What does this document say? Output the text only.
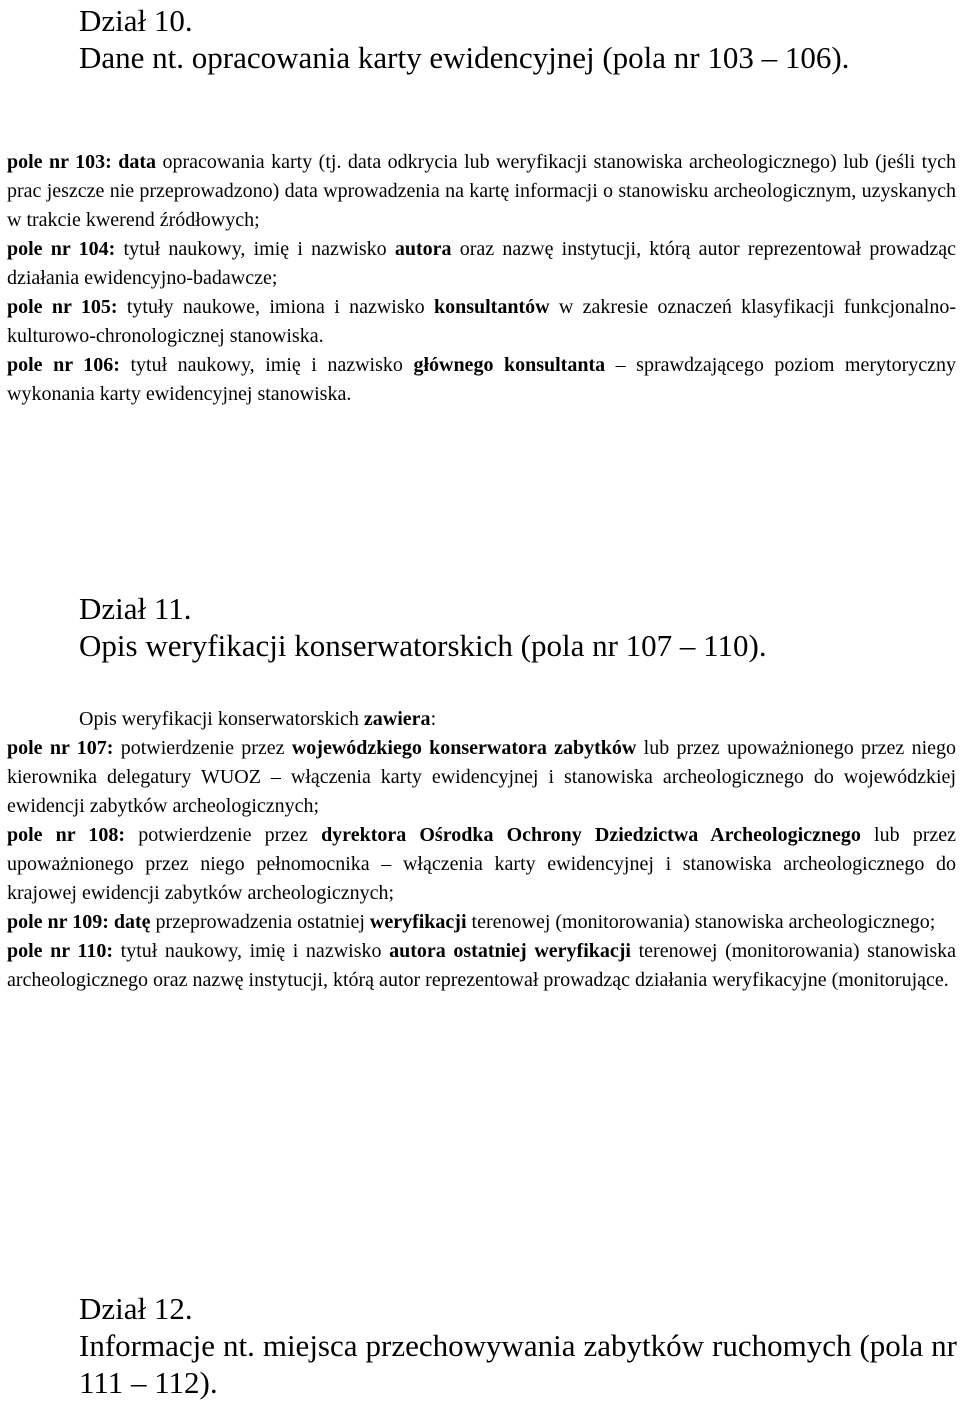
Dział 10.
Dane nt. opracowania karty ewidencyjnej (pola nr 103 – 106).
pole nr 103: data opracowania karty (tj. data odkrycia lub weryfikacji stanowiska archeologicznego) lub (jeśli tych prac jeszcze nie przeprowadzono) data wprowadzenia na kartę informacji o stanowisku archeologicznym, uzyskanych w trakcie kwerend źródłowych;
pole nr 104: tytuł naukowy, imię i nazwisko autora oraz nazwę instytucji, którą autor reprezentował prowadząc działania ewidencyjno-badawcze;
pole nr 105: tytuły naukowe, imiona i nazwisko konsultantów w zakresie oznaczeń klasyfikacji funkcjonalno-kulturowo-chronologicznej stanowiska.
pole nr 106: tytuł naukowy, imię i nazwisko głównego konsultanta – sprawdzającego poziom merytoryczny wykonania karty ewidencyjnej stanowiska.
Dział 11.
Opis weryfikacji konserwatorskich (pola nr 107 – 110).
Opis weryfikacji konserwatorskich zawiera:
pole nr 107: potwierdzenie przez wojewódzkiego konserwatora zabytków lub przez upoważnionego przez niego kierownika delegatury WUOZ – włączenia karty ewidencyjnej i stanowiska archeologicznego do wojewódzkiej ewidencji zabytków archeologicznych;
pole nr 108: potwierdzenie przez dyrektora Ośrodka Ochrony Dziedzictwa Archeologicznego lub przez upoważnionego przez niego pełnomocnika – włączenia karty ewidencyjnej i stanowiska archeologicznego do krajowej ewidencji zabytków archeologicznych;
pole nr 109: datę przeprowadzenia ostatniej weryfikacji terenowej (monitorowania) stanowiska archeologicznego;
pole nr 110: tytuł naukowy, imię i nazwisko autora ostatniej weryfikacji terenowej (monitorowania) stanowiska archeologicznego oraz nazwę instytucji, którą autor reprezentował prowadząc działania weryfikacyjne (monitorujące.
Dział 12.
Informacje nt. miejsca przechowywania zabytków ruchomych (pola nr 111 – 112).
